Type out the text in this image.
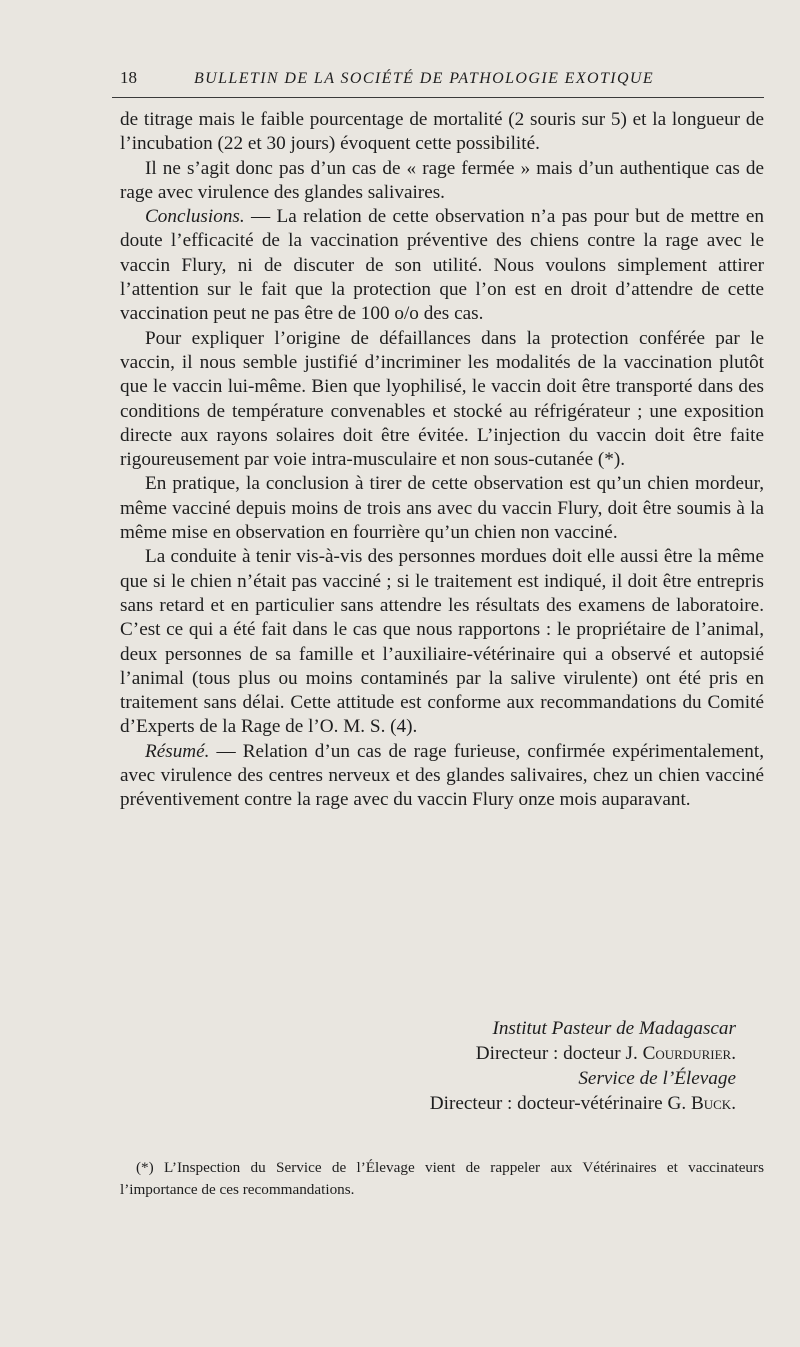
18	BULLETIN DE LA SOCIÉTÉ DE PATHOLOGIE EXOTIQUE

de titrage mais le faible pourcentage de mortalité (2 souris sur 5) et la longueur de l’incubation (22 et 30 jours) évoquent cette possibilité.

Il ne s’agit donc pas d’un cas de « rage fermée » mais d’un authentique cas de rage avec virulence des glandes salivaires.

Conclusions. — La relation de cette observation n’a pas pour but de mettre en doute l’efficacité de la vaccination préventive des chiens contre la rage avec le vaccin Flury, ni de discuter de son utilité. Nous voulons simplement attirer l’attention sur le fait que la protection que l’on est en droit d’attendre de cette vaccination peut ne pas être de 100 o/o des cas.

Pour expliquer l’origine de défaillances dans la protection conférée par le vaccin, il nous semble justifié d’incriminer les modalités de la vaccination plutôt que le vaccin lui-même. Bien que lyophilisé, le vaccin doit être transporté dans des conditions de température convenables et stocké au réfrigérateur ; une exposition directe aux rayons solaires doit être évitée. L’injection du vaccin doit être faite rigoureusement par voie intra-musculaire et non sous-cutanée (*).

En pratique, la conclusion à tirer de cette observation est qu’un chien mordeur, même vacciné depuis moins de trois ans avec du vaccin Flury, doit être soumis à la même mise en observation en fourrière qu’un chien non vacciné.

La conduite à tenir vis-à-vis des personnes mordues doit elle aussi être la même que si le chien n’était pas vacciné ; si le traitement est indiqué, il doit être entrepris sans retard et en particulier sans attendre les résultats des examens de laboratoire. C’est ce qui a été fait dans le cas que nous rapportons : le propriétaire de l’animal, deux personnes de sa famille et l’auxiliaire-vétérinaire qui a observé et autopsié l’animal (tous plus ou moins contaminés par la salive virulente) ont été pris en traitement sans délai. Cette attitude est conforme aux recommandations du Comité d’Experts de la Rage de l’O. M. S. (4).

Résumé. — Relation d’un cas de rage furieuse, confirmée expérimentalement, avec virulence des centres nerveux et des glandes salivaires, chez un chien vacciné préventivement contre la rage avec du vaccin Flury onze mois auparavant.

Institut Pasteur de Madagascar
Directeur : docteur J. Courdurier.
Service de l’Élevage
Directeur : docteur-vétérinaire G. Buck.

(*) L’Inspection du Service de l’Élevage vient de rappeler aux Vétérinaires et vaccinateurs l’importance de ces recommandations.
